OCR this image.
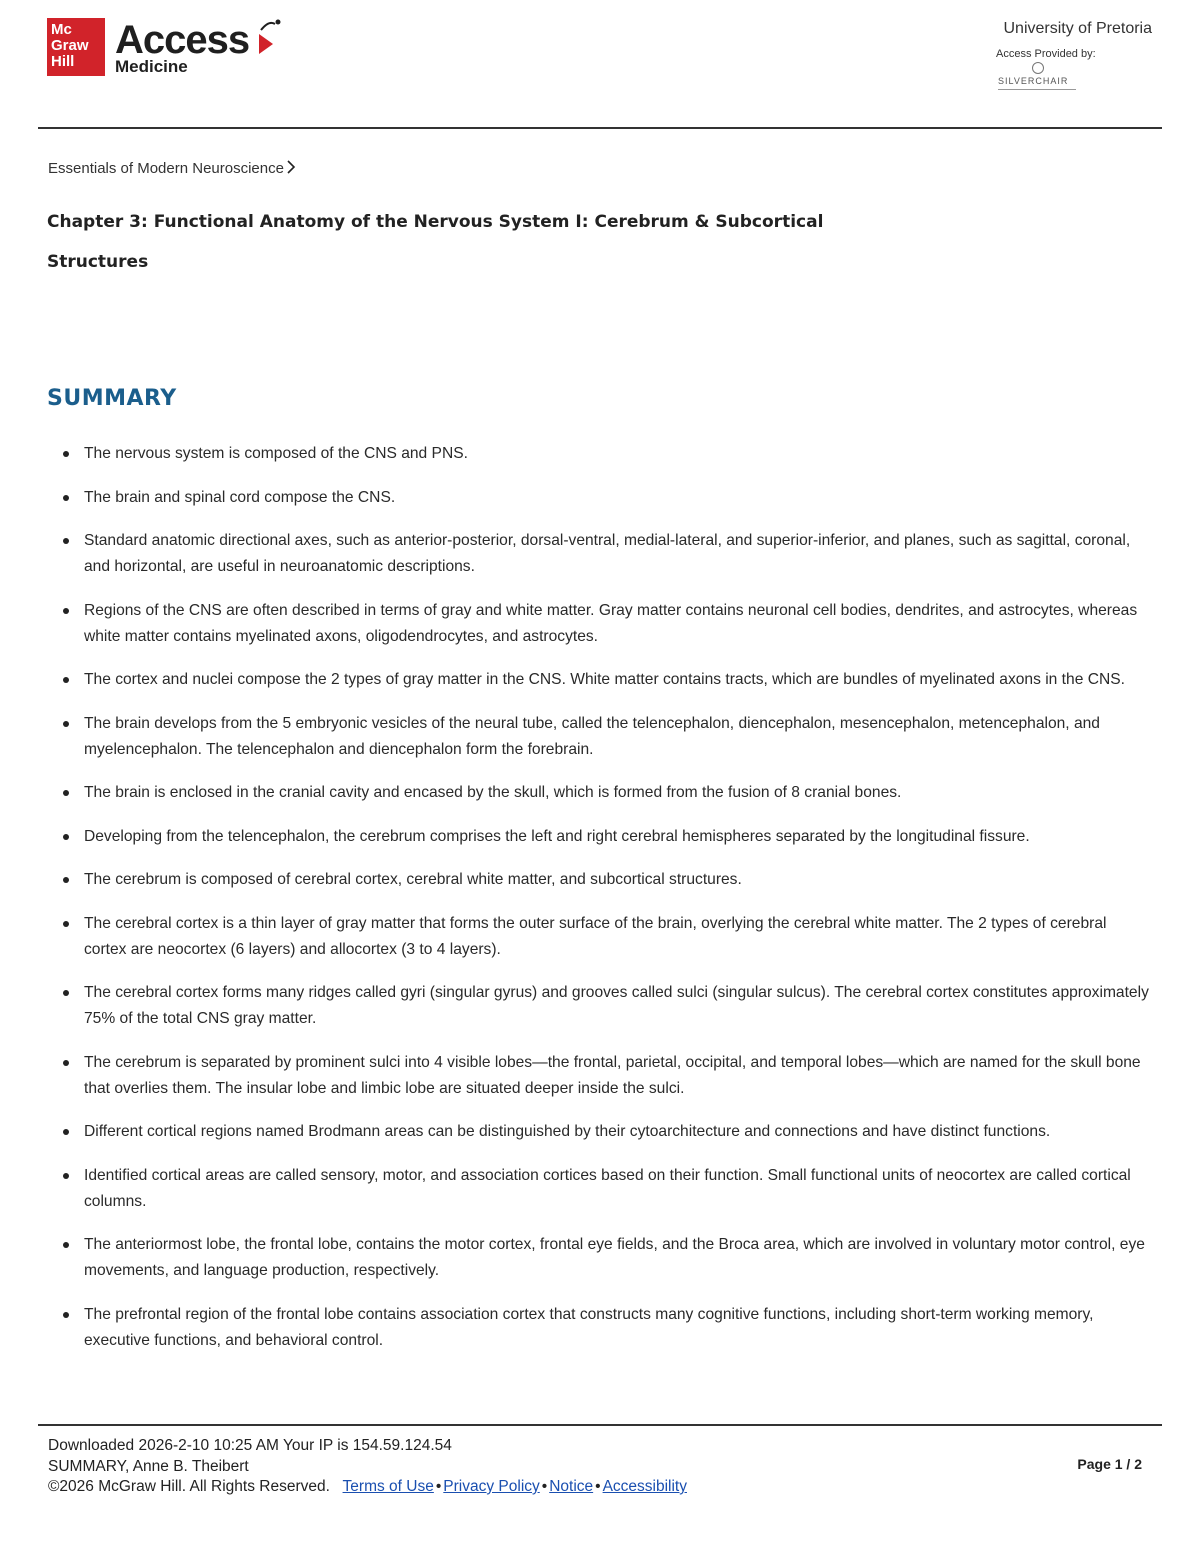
Mc
Graw
Hill	Access
Medicine
University of Pretoria
Access Provided by:
SILVERCHAIR
Essentials of Modern Neuroscience
Chapter 3: Functional Anatomy of the Nervous System I: Cerebrum & Subcortical
Structures
SUMMARY
The nervous system is composed of the CNS and PNS.
The brain and spinal cord compose the CNS.
Standard anatomic directional axes, such as anterior-posterior, dorsal-ventral, medial-lateral, and superior-inferior, and planes, such as sagittal, coronal, and horizontal, are useful in neuroanatomic descriptions.
Regions of the CNS are often described in terms of gray and white matter. Gray matter contains neuronal cell bodies, dendrites, and astrocytes, whereas white matter contains myelinated axons, oligodendrocytes, and astrocytes.
The cortex and nuclei compose the 2 types of gray matter in the CNS. White matter contains tracts, which are bundles of myelinated axons in the CNS.
The brain develops from the 5 embryonic vesicles of the neural tube, called the telencephalon, diencephalon, mesencephalon, metencephalon, and myelencephalon. The telencephalon and diencephalon form the forebrain.
The brain is enclosed in the cranial cavity and encased by the skull, which is formed from the fusion of 8 cranial bones.
Developing from the telencephalon, the cerebrum comprises the left and right cerebral hemispheres separated by the longitudinal fissure.
The cerebrum is composed of cerebral cortex, cerebral white matter, and subcortical structures.
The cerebral cortex is a thin layer of gray matter that forms the outer surface of the brain, overlying the cerebral white matter. The 2 types of cerebral cortex are neocortex (6 layers) and allocortex (3 to 4 layers).
The cerebral cortex forms many ridges called gyri (singular gyrus) and grooves called sulci (singular sulcus). The cerebral cortex constitutes approximately 75% of the total CNS gray matter.
The cerebrum is separated by prominent sulci into 4 visible lobes—the frontal, parietal, occipital, and temporal lobes—which are named for the skull bone that overlies them. The insular lobe and limbic lobe are situated deeper inside the sulci.
Different cortical regions named Brodmann areas can be distinguished by their cytoarchitecture and connections and have distinct functions.
Identified cortical areas are called sensory, motor, and association cortices based on their function. Small functional units of neocortex are called cortical columns.
The anteriormost lobe, the frontal lobe, contains the motor cortex, frontal eye fields, and the Broca area, which are involved in voluntary motor control, eye movements, and language production, respectively.
The prefrontal region of the frontal lobe contains association cortex that constructs many cognitive functions, including short-term working memory, executive functions, and behavioral control.
Downloaded 2026-2-10 10:25 AM Your IP is 154.59.124.54
SUMMARY, Anne B. Theibert
©2026 McGraw Hill. All Rights Reserved. Terms of Use • Privacy Policy • Notice • Accessibility
Page 1 / 2
